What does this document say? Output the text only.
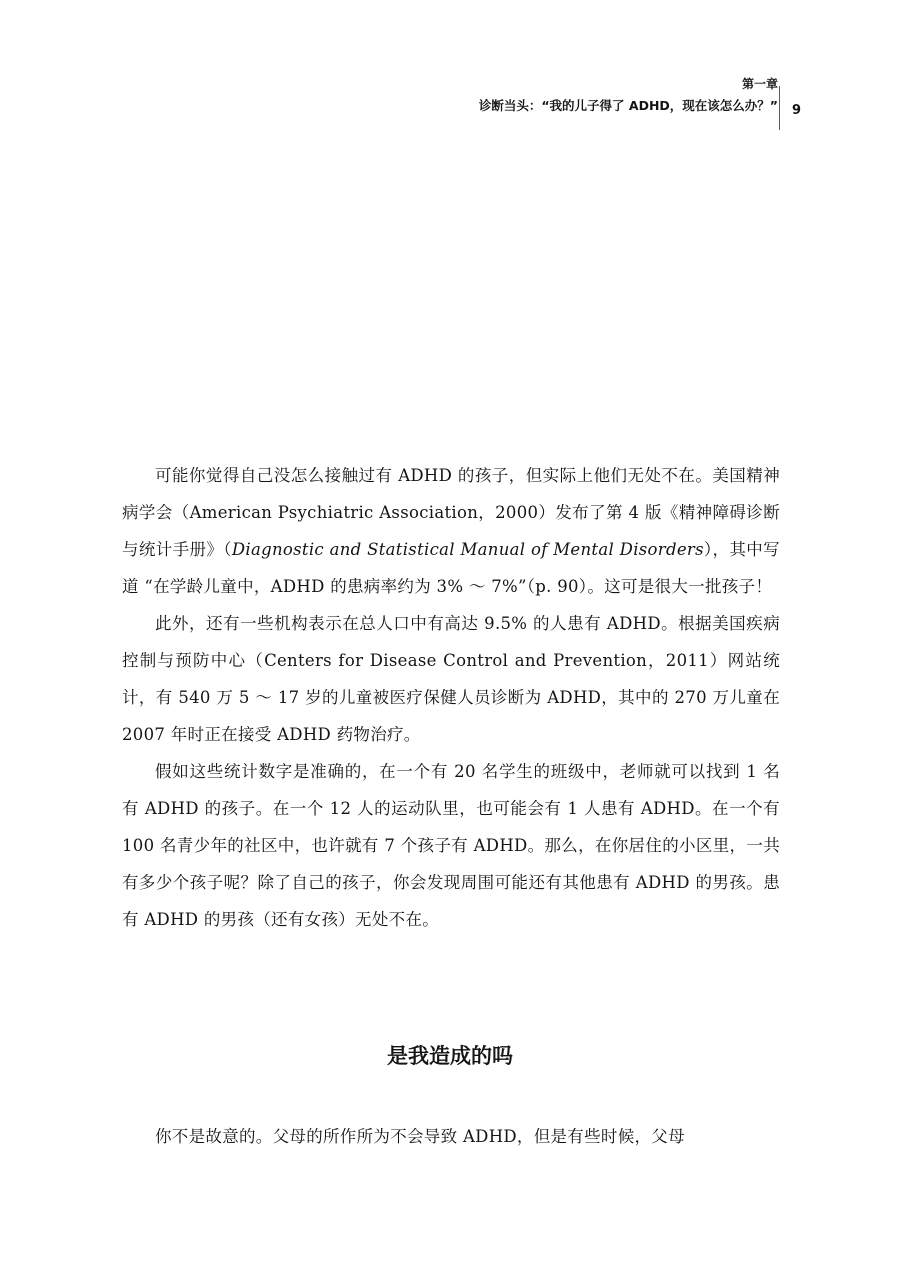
第一章
诊断当头：“我的儿子得了 ADHD，现在该怎么办？” 9

可能你觉得自己没怎么接触过有 ADHD 的孩子，但实际上他们无处不在。美国精神病学会（American Psychiatric Association，2000）发布了第 4 版《精神障碍诊断与统计手册》（Diagnostic and Statistical Manual of Mental Disorders），其中写道 “在学龄儿童中，ADHD 的患病率约为 3% ～ 7%”（p. 90）。这可是很大一批孩子！

此外，还有一些机构表示在总人口中有高达 9.5% 的人患有 ADHD。根据美国疾病控制与预防中心（Centers for Disease Control and Prevention，2011）网站统计，有 540 万 5 ～ 17 岁的儿童被医疗保健人员诊断为 ADHD，其中的 270 万儿童在 2007 年时正在接受 ADHD 药物治疗。

假如这些统计数字是准确的，在一个有 20 名学生的班级中，老师就可以找到 1 名有 ADHD 的孩子。在一个 12 人的运动队里，也可能会有 1 人患有 ADHD。在一个有 100 名青少年的社区中，也许就有 7 个孩子有 ADHD。那么，在你居住的小区里，一共有多少个孩子呢？除了自己的孩子，你会发现周围可能还有其他患有 ADHD 的男孩。患有 ADHD 的男孩（还有女孩）无处不在。

是我造成的吗

你不是故意的。父母的所作所为不会导致 ADHD，但是有些时候，父母
